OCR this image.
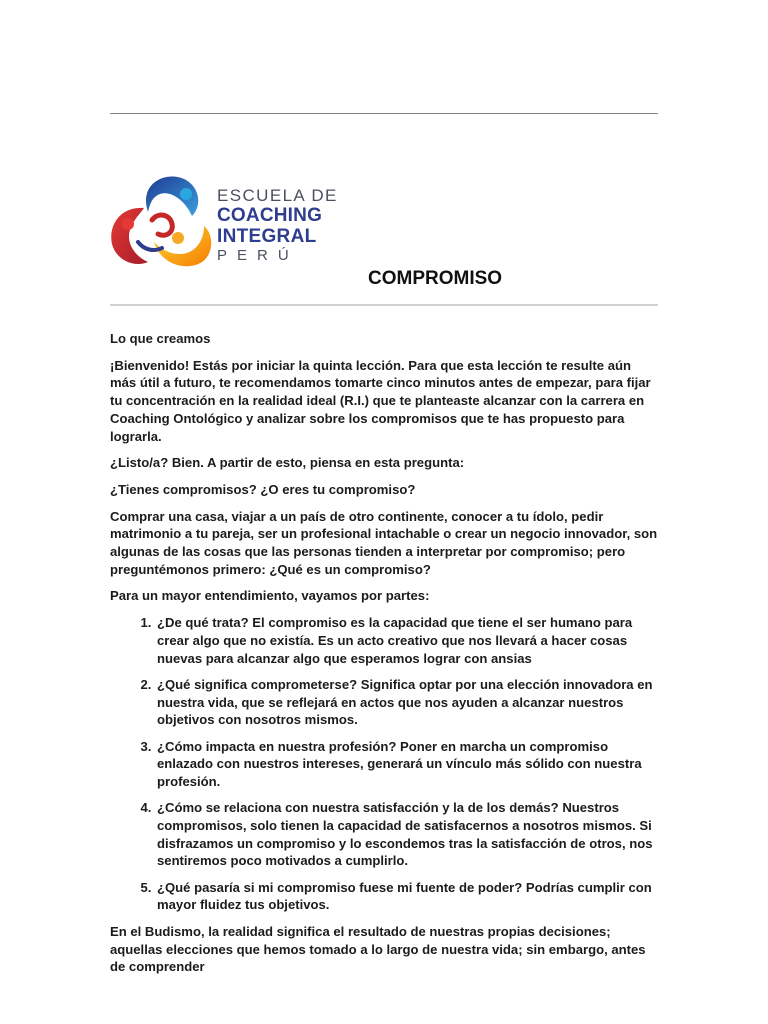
ESCUELA DE
COACHING
INTEGRAL
PERÚ
COMPROMISO

Lo que creamos

¡Bienvenido! Estás por iniciar la quinta lección. Para que esta lección te resulte aún más útil a futuro, te recomendamos tomarte cinco minutos antes de empezar, para fijar tu concentración en la realidad ideal (R.I.) que te planteaste alcanzar con la carrera en Coaching Ontológico y analizar sobre los compromisos que te has propuesto para lograrla.

¿Listo/a? Bien. A partir de esto, piensa en esta pregunta:

¿Tienes compromisos? ¿O eres tu compromiso?

Comprar una casa, viajar a un país de otro continente, conocer a tu ídolo, pedir matrimonio a tu pareja, ser un profesional intachable o crear un negocio innovador, son algunas de las cosas que las personas tienden a interpretar por compromiso; pero preguntémonos primero: ¿Qué es un compromiso?

Para un mayor entendimiento, vayamos por partes:

1. ¿De qué trata? El compromiso es la capacidad que tiene el ser humano para crear algo que no existía. Es un acto creativo que nos llevará a hacer cosas nuevas para alcanzar algo que esperamos lograr con ansias
2. ¿Qué significa comprometerse? Significa optar por una elección innovadora en nuestra vida, que se reflejará en actos que nos ayuden a alcanzar nuestros objetivos con nosotros mismos.
3. ¿Cómo impacta en nuestra profesión? Poner en marcha un compromiso enlazado con nuestros intereses, generará un vínculo más sólido con nuestra profesión.
4. ¿Cómo se relaciona con nuestra satisfacción y la de los demás? Nuestros compromisos, solo tienen la capacidad de satisfacernos a nosotros mismos. Si disfrazamos un compromiso y lo escondemos tras la satisfacción de otros, nos sentiremos poco motivados a cumplirlo.
5. ¿Qué pasaría si mi compromiso fuese mi fuente de poder? Podrías cumplir con mayor fluidez tus objetivos.

En el Budismo, la realidad significa el resultado de nuestras propias decisiones; aquellas elecciones que hemos tomado a lo largo de nuestra vida; sin embargo, antes de comprender
